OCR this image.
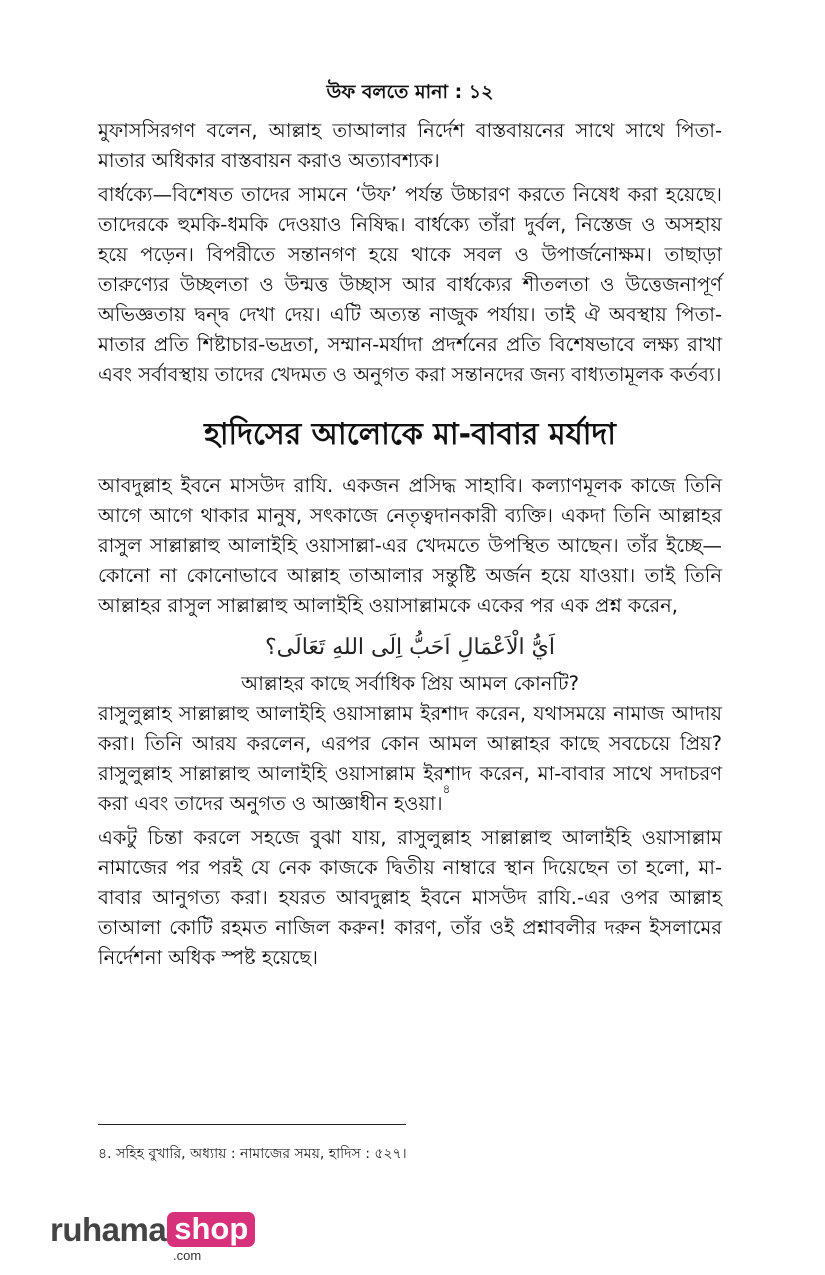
উফ বলতে মানা : ১২

মুফাসসিরগণ বলেন, আল্লাহ তাআলার নির্দেশ বাস্তবায়নের সাথে সাথে পিতা-মাতার অধিকার বাস্তবায়ন করাও অত্যাবশ্যক।

বার্ধক্যে—বিশেষত তাদের সামনে ‘উফ’ পর্যন্ত উচ্চারণ করতে নিষেধ করা হয়েছে। তাদেরকে হুমকি-ধমকি দেওয়াও নিষিদ্ধ। বার্ধক্যে তাঁরা দুর্বল, নিস্তেজ ও অসহায় হয়ে পড়েন। বিপরীতে সন্তানগণ হয়ে থাকে সবল ও উপার্জনোক্ষম। তাছাড়া তারুণ্যের উচ্ছলতা ও উন্মত্ত উচ্ছাস আর বার্ধক্যের শীতলতা ও উত্তেজনাপূর্ণ অভিজ্ঞতায় দ্বন্দ্ব দেখা দেয়। এটি অত্যন্ত নাজুক পর্যায়। তাই ঐ অবস্থায় পিতা-মাতার প্রতি শিষ্টাচার-ভদ্রতা, সম্মান-মর্যাদা প্রদর্শনের প্রতি বিশেষভাবে লক্ষ্য রাখা এবং সর্বাবস্থায় তাদের খেদমত ও অনুগত করা সন্তানদের জন্য বাধ্যতামূলক কর্তব্য।

হাদিসের আলোকে মা-বাবার মর্যাদা

আবদুল্লাহ ইবনে মাসউদ রাযি. একজন প্রসিদ্ধ সাহাবি। কল্যাণমূলক কাজে তিনি আগে আগে থাকার মানুষ, সৎকাজে নেতৃত্বদানকারী ব্যক্তি। একদা তিনি আল্লাহর রাসুল সাল্লাল্লাহু আলাইহি ওয়াসাল্লা-এর খেদমতে উপস্থিত আছেন। তাঁর ইচ্ছে—কোনো না কোনোভাবে আল্লাহ তাআলার সন্তুষ্টি অর্জন হয়ে যাওয়া। তাই তিনি আল্লাহর রাসুল সাল্লাল্লাহু আলাইহি ওয়াসাল্লামকে একের পর এক প্রশ্ন করেন,

اَيُّ الْاَعْمَالِ اَحَبُّ اِلَى اللهِ تَعَالَى؟
আল্লাহর কাছে সর্বাধিক প্রিয় আমল কোনটি?

রাসুলুল্লাহ সাল্লাল্লাহু আলাইহি ওয়াসাল্লাম ইরশাদ করেন, যথাসময়ে নামাজ আদায় করা। তিনি আরয করলেন, এরপর কোন আমল আল্লাহর কাছে সবচেয়ে প্রিয়? রাসুলুল্লাহ সাল্লাল্লাহু আলাইহি ওয়াসাল্লাম ইরশাদ করেন, মা-বাবার সাথে সদাচরণ করা এবং তাদের অনুগত ও আজ্ঞাধীন হওয়া।$^৪$

একটু চিন্তা করলে সহজে বুঝা যায়, রাসুলুল্লাহ সাল্লাল্লাহু আলাইহি ওয়াসাল্লাম নামাজের পর পরই যে নেক কাজকে দ্বিতীয় নাম্বারে স্থান দিয়েছেন তা হলো, মা-বাবার আনুগত্য করা। হযরত আবদুল্লাহ ইবনে মাসউদ রাযি.-এর ওপর আল্লাহ তাআলা কোটি রহমত নাজিল করুন! কারণ, তাঁর ওই প্রশ্নাবলীর দরুন ইসলামের নির্দেশনা অধিক স্পষ্ট হয়েছে।

৪. সহিহ বুখারি, অধ্যায় : নামাজের সময়, হাদিস : ৫২৭।
ruhama shop
.com
